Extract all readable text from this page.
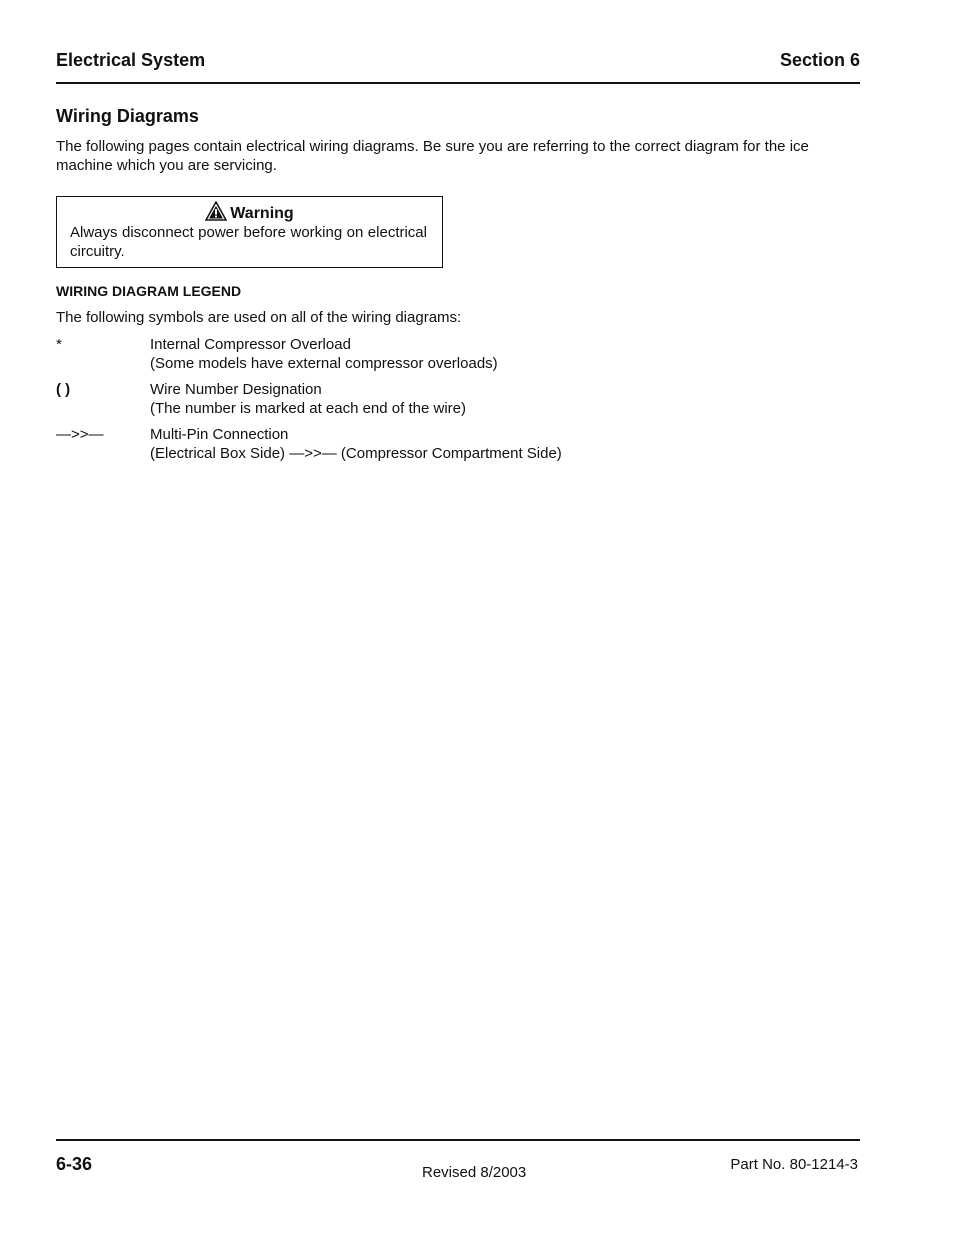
Electrical System	Section 6
Wiring Diagrams
The following pages contain electrical wiring diagrams. Be sure you are referring to the correct diagram for the ice machine which you are servicing.
Warning
Always disconnect power before working on electrical circuitry.
WIRING DIAGRAM LEGEND
The following symbols are used on all of the wiring diagrams:
*	Internal Compressor Overload
(Some models have external compressor overloads)
( )	Wire Number Designation
(The number is marked at each end of the wire)
—>>—	Multi-Pin Connection
(Electrical Box Side) —>>— (Compressor Compartment Side)
6-36	Revised 8/2003	Part No. 80-1214-3
